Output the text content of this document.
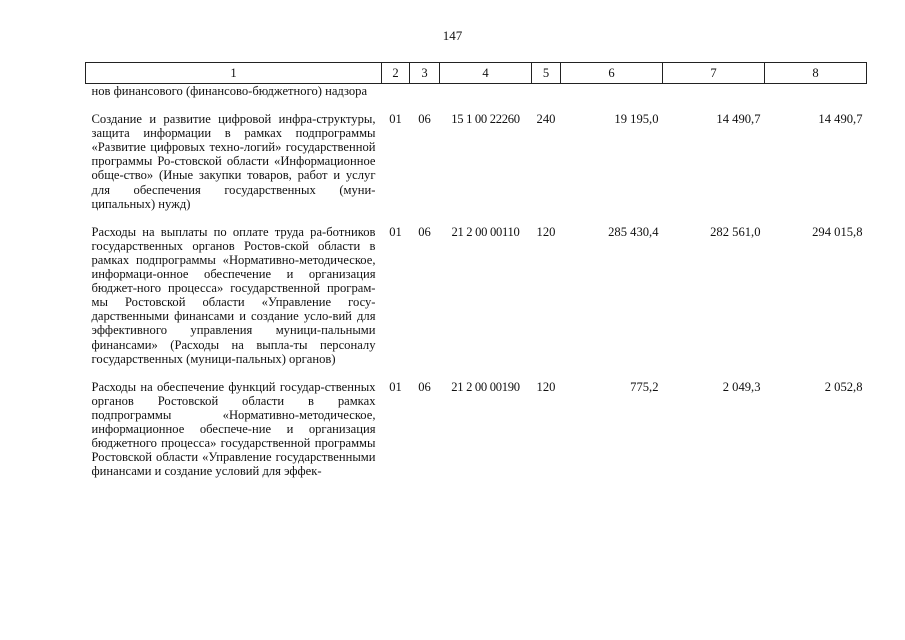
147
1	2	3	4	5	6	7	8
нов финансового (финансово-бюджетного) надзора							
Создание и развитие цифровой инфра-структуры, защита информации в рамках подпрограммы «Развитие цифровых техно-логий» государственной программы Ро-стовской области «Информационное обще-ство» (Иные закупки товаров, работ и услуг для обеспечения государственных (муни-ципальных) нужд)	01	06	15 1 00 22260	240	19 195,0	14 490,7	14 490,7
Расходы на выплаты по оплате труда ра-ботников государственных органов Ростов-ской области в рамках подпрограммы «Нормативно-методическое, информаци-онное обеспечение и организация бюджет-ного процесса» государственной програм-мы Ростовской области «Управление госу-дарственными финансами и создание усло-вий для эффективного управления муници-пальными финансами» (Расходы на выпла-ты персоналу государственных (муници-пальных) органов)	01	06	21 2 00 00110	120	285 430,4	282 561,0	294 015,8
Расходы на обеспечение функций государ-ственных органов Ростовской области в рамках подпрограммы «Нормативно-методическое, информационное обеспече-ние и организация бюджетного процесса» государственной программы Ростовской области «Управление государственными финансами и создание условий для эффек-	01	06	21 2 00 00190	120	775,2	2 049,3	2 052,8
